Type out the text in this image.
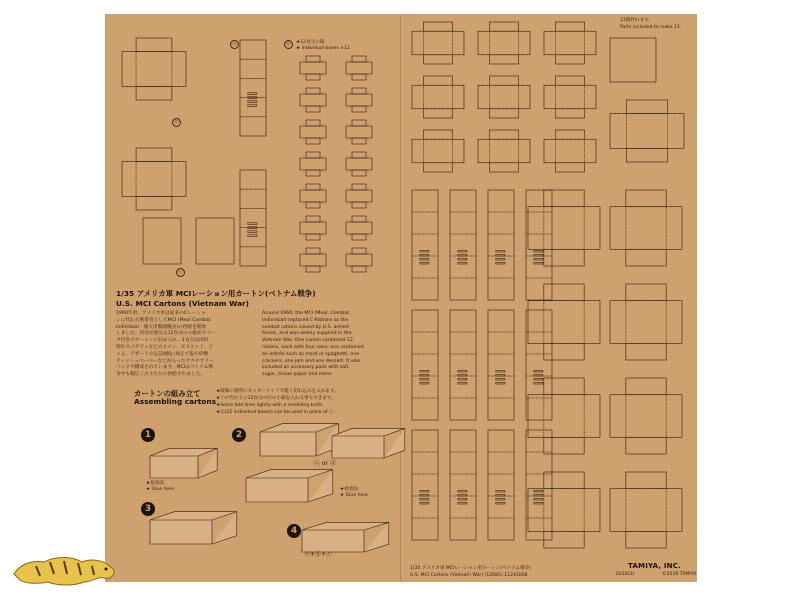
ⓐ	ⓓ	★12食分の箱
★ Individual boxes ×12
ⓑ
ⓒ
1/35 アメリカ軍 MCIレーション用カートン(ベトナム戦争)
U.S. MCI Cartons (Vietnam War)
1960年頃、アメリカ軍は従来のCレーショ
ンに代わる携帯食としてMCI (Meal Combat
Individual・個人用戦闘糧食)の供給を開始
しました。内容が異なる12食分の小箱がスリー
ブ付きのカートンに収められ、1食分は肉料
理やスパゲティなどのメイン、ビスケット、ジ
ャム、デザートの缶詰4個に加えて塩や砂糖、
ティッシュペーパーなどが入ったアクセサリー
パックで構成されています。MCIはベトナム戦
争中も幅広く兵士たちに供給されました。
Around 1960, the MCI (Meal, Combat,
Individual) replaced C-Rations as the
combat rations issued by U.S. armed
forces, and was widely supplied in the
Vietnam War. One carton contained 12
rations, each with four cans: one contained
an entrée such as meat or spaghetti, one
crackers, one jam and one dessert. It also
included an accessory pack with salt,
sugar, tissue paper and more.
カートンの組み立て
Assembling cartons
★破線の箇所にカッターナイフで軽く切れ込みを入れます。
★ⓒの代わりに12食分のⓓの小箱を入れる事もできます。
★Score fold lines lightly with a modeling knife.
★ⓓ(12 individual boxes) can be used in place of ⓒ.
1	2
3
4
★接着面
★ Glue here	★接着面
★ Glue here
ⓒ or ⓓ
ⓐ+ⓑ+ⓒ
11個作れます。
Parts included to make 11.
1/35 アメリカ軍 MCIレーション用カートン(ベトナム戦争)
U.S. MCI Cartons (Vietnam War) (12685) 11241008
TAMIYA, INC.
0318CH	©2018 TAMIYA
